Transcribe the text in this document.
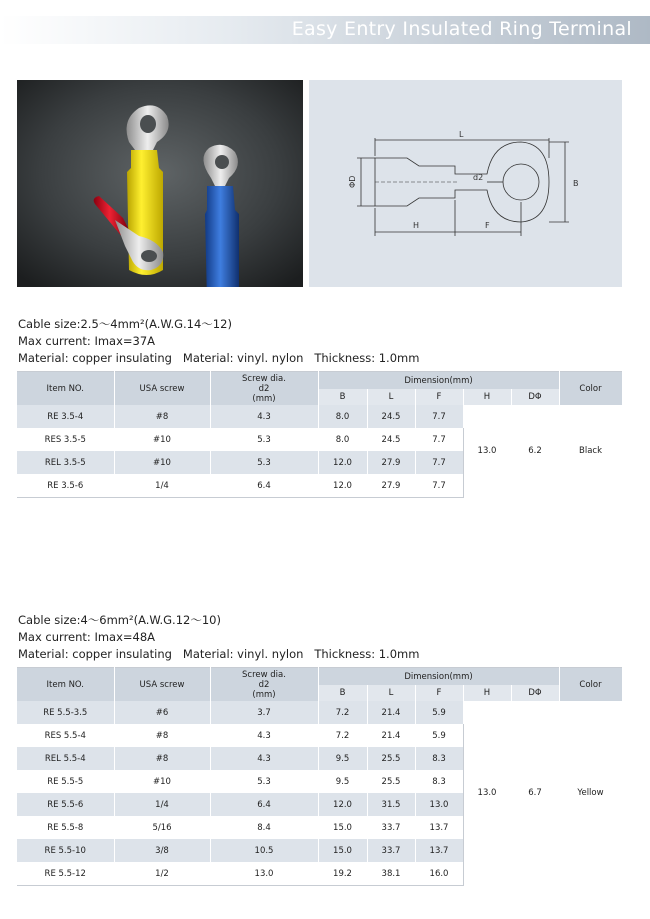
Easy Entry Insulated Ring Terminal
L
ΦD	d2
B
H	F
Cable size:2.5～4mm²(A.W.G.14～12)
Max current: Imax=37A
Material: copper insulating   Material: vinyl. nylon   Thickness: 1.0mm
Item NO.	USA screw	Screw dia.
d2
(mm)	Dimension(mm)					Color
			B	L	F	H	DΦ	
RE 3.5-4	#8	4.3	8.0	24.5	7.7	13.0	6.2	Black
RES 3.5-5	#10	5.3	8.0	24.5	7.7			
REL 3.5-5	#10	5.3	12.0	27.9	7.7			
RE 3.5-6	1/4	6.4	12.0	27.9	7.7			
Cable size:4～6mm²(A.W.G.12～10)
Max current: Imax=48A
Material: copper insulating   Material: vinyl. nylon   Thickness: 1.0mm
Item NO.	USA screw	Screw dia.
d2
(mm)	Dimension(mm)					Color
			B	L	F	H	DΦ	
RE 5.5-3.5	#6	3.7	7.2	21.4	5.9	13.0	6.7	Yellow
RES 5.5-4	#8	4.3	7.2	21.4	5.9			
REL 5.5-4	#8	4.3	9.5	25.5	8.3			
RE 5.5-5	#10	5.3	9.5	25.5	8.3			
RE 5.5-6	1/4	6.4	12.0	31.5	13.0			
RE 5.5-8	5/16	8.4	15.0	33.7	13.7			
RE 5.5-10	3/8	10.5	15.0	33.7	13.7			
RE 5.5-12	1/2	13.0	19.2	38.1	16.0			
